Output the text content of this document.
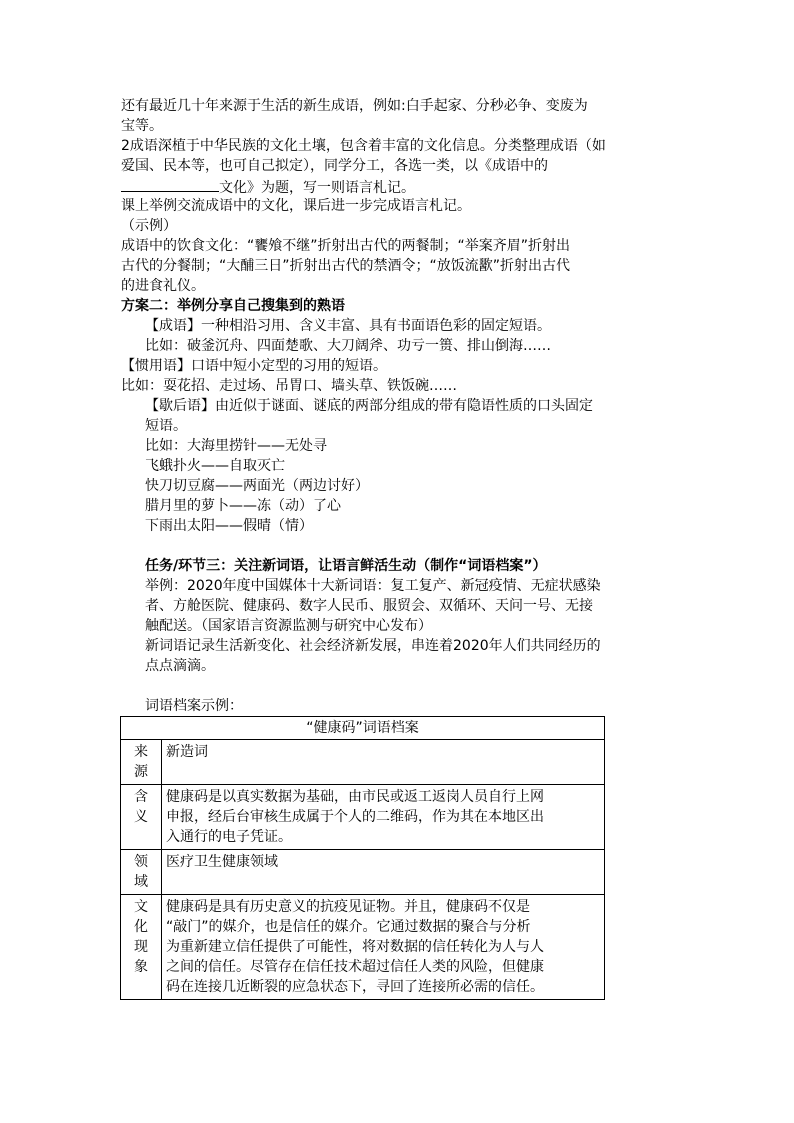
还有最近几十年来源于生活的新生成语，例如:白手起家、分秒必争、变废为
宝等。
2成语深植于中华民族的文化土壤，包含着丰富的文化信息。分类整理成语（如
爱国、民本等，也可自己拟定），同学分工，各选一类，以《成语中的
文化》为题，写一则语言札记。
课上举例交流成语中的文化，课后进一步完成语言札记。
（示例）
成语中的饮食文化：“饔飧不继”折射出古代的两餐制；“举案齐眉”折射出
古代的分餐制；“大酺三日”折射出古代的禁酒令；“放饭流歠”折射出古代
的进食礼仪。
方案二：举例分享自己搜集到的熟语
【成语】一种相沿习用、含义丰富、具有书面语色彩的固定短语。
比如：破釜沉舟、四面楚歌、大刀阔斧、功亏一篑、排山倒海……
【惯用语】口语中短小定型的习用的短语。
比如：耍花招、走过场、吊胃口、墙头草、铁饭碗……
【歇后语】由近似于谜面、谜底的两部分组成的带有隐语性质的口头固定
短语。
比如：大海里捞针——无处寻
飞蛾扑火——自取灭亡
快刀切豆腐——两面光（两边讨好）
腊月里的萝卜——冻（动）了心
下雨出太阳——假晴（情）
任务/环节三：关注新词语，让语言鲜活生动（制作“词语档案”）
举例：2020年度中国媒体十大新词语：复工复产、新冠疫情、无症状感染
者、方舱医院、健康码、数字人民币、服贸会、双循环、天问一号、无接
触配送。（国家语言资源监测与研究中心发布）
新词语记录生活新变化、社会经济新发展，串连着2020年人们共同经历的
点点滴滴。
词语档案示例：
“健康码”词语档案	

来源	新造词

含义	健康码是以真实数据为基础，由市民或返工返岗人员自行上网
申报，经后台审核生成属于个人的二维码，作为其在本地区出
入通行的电子凭证。

领域	医疗卫生健康领域

文化现象	健康码是具有历史意义的抗疫见证物。并且，健康码不仅是
“敲门”的媒介，也是信任的媒介。它通过数据的聚合与分析
为重新建立信任提供了可能性，将对数据的信任转化为人与人
之间的信任。尽管存在信任技术超过信任人类的风险，但健康
码在连接几近断裂的应急状态下，寻回了连接所必需的信任。
